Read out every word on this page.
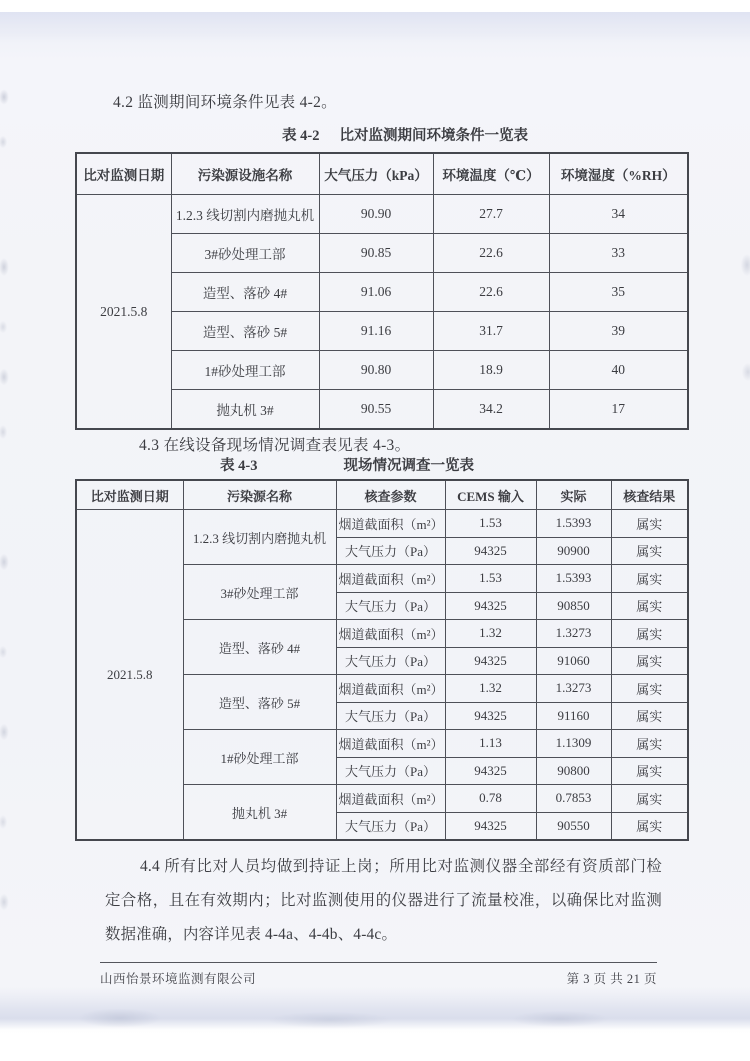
4.2 监测期间环境条件见表 4-2。

表 4-2 比对监测期间环境条件一览表
比对监测日期	污染源设施名称	大气压力（kPa）	环境温度（℃）	环境湿度（%RH）
2021.5.8	1.2.3 线切割内磨抛丸机	90.90	27.7	34
	3#砂处理工部	90.85	22.6	33
	造型、落砂 4#	91.06	22.6	35
	造型、落砂 5#	91.16	31.7	39
	1#砂处理工部	90.80	18.9	40
	抛丸机 3#	90.55	34.2	17

4.3 在线设备现场情况调查表见表 4-3。

表 4-3	现场情况调查一览表
比对监测日期	污染源名称	核查参数	CEMS 输入	实际	核查结果
2021.5.8	1.2.3 线切割内磨抛丸机	烟道截面积（m²）	1.53	1.5393	属实
		大气压力（Pa）	94325	90900	属实
	3#砂处理工部	烟道截面积（m²）	1.53	1.5393	属实
		大气压力（Pa）	94325	90850	属实
	造型、落砂 4#	烟道截面积（m²）	1.32	1.3273	属实
		大气压力（Pa）	94325	91060	属实
	造型、落砂 5#	烟道截面积（m²）	1.32	1.3273	属实
		大气压力（Pa）	94325	91160	属实
	1#砂处理工部	烟道截面积（m²）	1.13	1.1309	属实
		大气压力（Pa）	94325	90800	属实
	抛丸机 3#	烟道截面积（m²）	0.78	0.7853	属实
		大气压力（Pa）	94325	90550	属实

4.4 所有比对人员均做到持证上岗；所用比对监测仪器全部经有资质部门检定合格，且在有效期内；比对监测使用的仪器进行了流量校准，以确保比对监测数据准确，内容详见表 4-4a、4-4b、4-4c。

山西怡景环境监测有限公司	第 3 页 共 21 页
